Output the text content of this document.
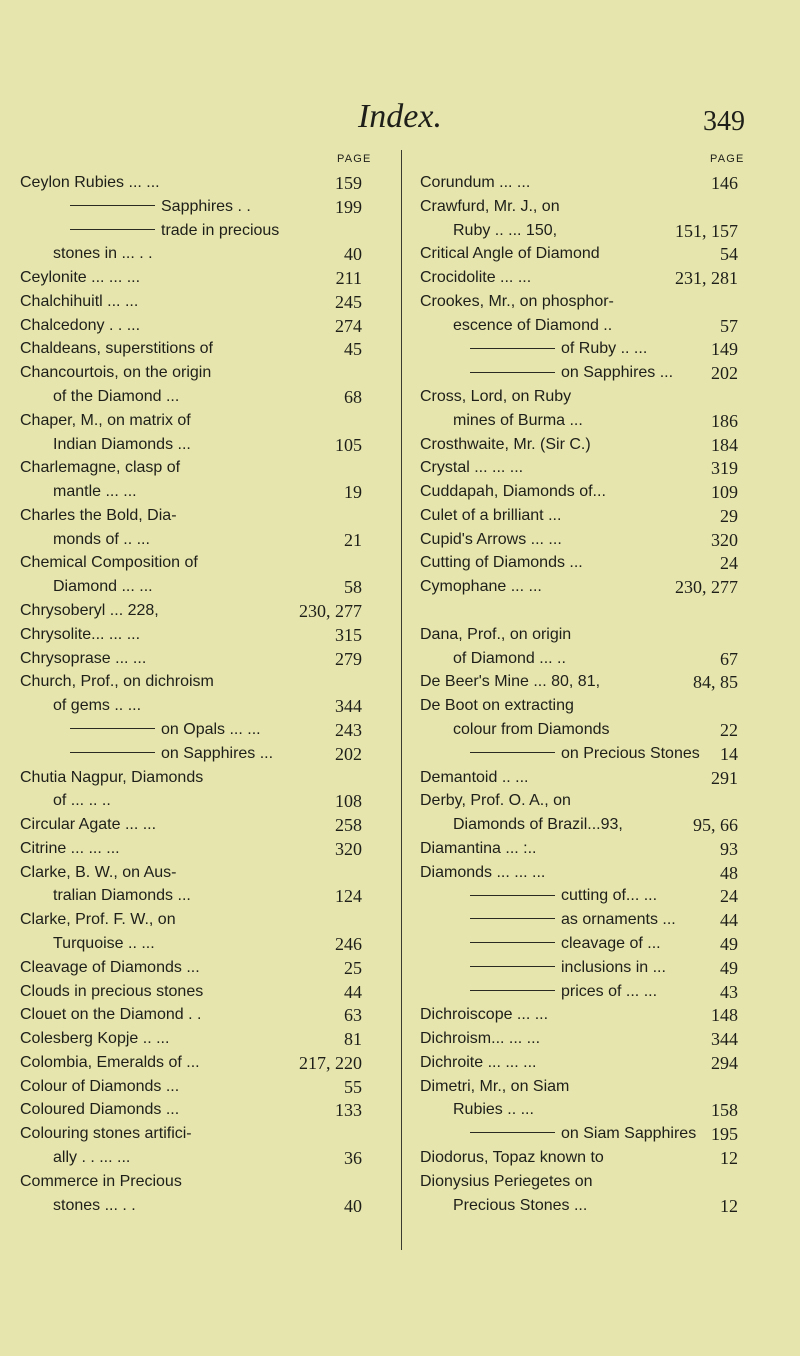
Index.	349
PAGE
Ceylon Rubies ... ...	159
Sapphires . .	199
trade in precious
stones in ... . .	40
Ceylonite ... ... ...	211
Chalchihuitl ... ...	245
Chalcedony . . ...	274
Chaldeans, superstitions of	45
Chancourtois, on the origin
of the Diamond ...	68
Chaper, M., on matrix of
Indian Diamonds ...	105
Charlemagne, clasp of
mantle ... ...	19
Charles the Bold, Dia-
monds of .. ...	21
Chemical Composition of
Diamond ... ...	58
Chrysoberyl ... 228,	230, 277
Chrysolite... ... ...	315
Chrysoprase ... ...	279
Church, Prof., on dichroism
of gems .. ...	344
on Opals ... ...	243
on Sapphires ...	202
Chutia Nagpur, Diamonds
of ... .. ..	108
Circular Agate ... ...	258
Citrine ... ... ...	320
Clarke, B. W., on Aus-
tralian Diamonds ...	124
Clarke, Prof. F. W., on
Turquoise .. ...	246
Cleavage of Diamonds ...	25
Clouds in precious stones	44
Clouet on the Diamond . .	63
Colesberg Kopje .. ...	81
Colombia, Emeralds of ...	217, 220
Colour of Diamonds ...	55
Coloured Diamonds ...	133
Colouring stones artifici-
ally . . ... ...	36
Commerce in Precious
stones ... . .	40
PAGE
Corundum ... ...	146
Crawfurd, Mr. J., on
Ruby .. ... 150,	151, 157
Critical Angle of Diamond	54
Crocidolite ... ...	231, 281
Crookes, Mr., on phosphor-
escence of Diamond ..	57
of Ruby .. ...	149
on Sapphires ... 202
Cross, Lord, on Ruby
mines of Burma ...	186
Crosthwaite, Mr. (Sir C.)	184
Crystal ... ... ...	319
Cuddapah, Diamonds of...	109
Culet of a brilliant ...	29
Cupid's Arrows ... ...	320
Cutting of Diamonds ...	24
Cymophane ... ...	230, 277
Dana, Prof., on origin
of Diamond ... ..	67
De Beer's Mine ... 80, 81,	84, 85
De Boot on extracting
colour from Diamonds	22
on Precious Stones 14
Demantoid .. ...	291
Derby, Prof. O. A., on
Diamonds of Brazil...93,	95, 66
Diamantina ... :..	93
Diamonds ... ... ...	48
cutting of... ...	24
as ornaments ... 44
cleavage of ...	49
inclusions in ...	49
prices of ... ...	43
Dichroiscope ... ...	148
Dichroism... ... ...	344
Dichroite ... ... ...	294
Dimetri, Mr., on Siam
Rubies .. ...	158
on Siam Sapphires 195
Diodorus, Topaz known to	12
Dionysius Periegetes on
Precious Stones ...	12
